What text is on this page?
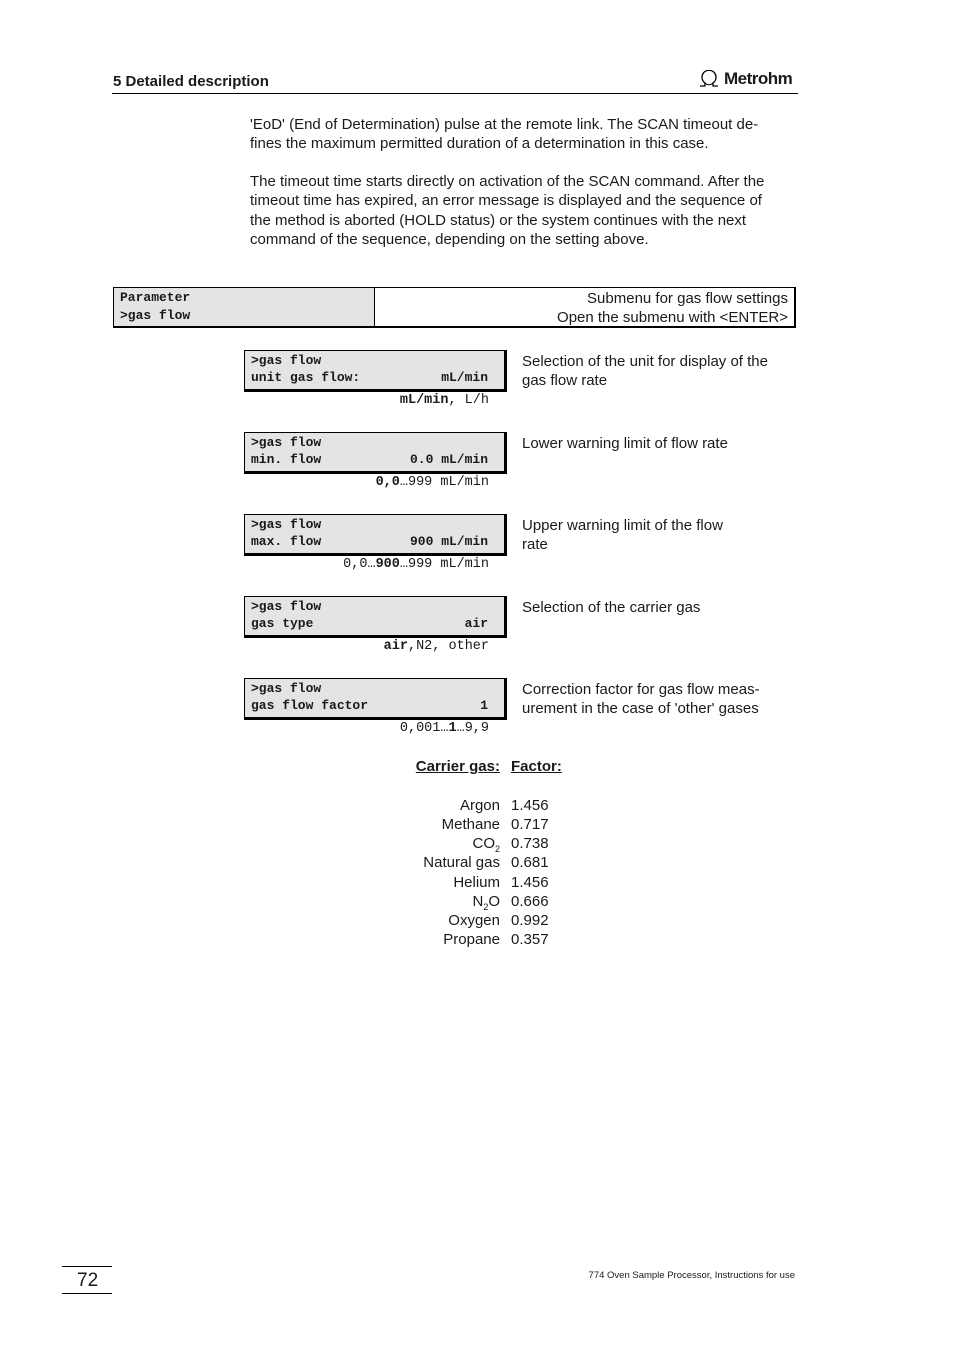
5 Detailed description	Metrohm
'EoD' (End of Determination) pulse at the remote link. The SCAN timeout de-
fines the maximum permitted duration of a determination in this case.
The timeout time starts directly on activation of the SCAN command. After the
timeout time has expired, an error message is displayed and the sequence of
the method is aborted (HOLD status) or the system continues with the next
command of the sequence, depending on the setting above.
Parameter
>gas flow
Submenu for gas flow settings
Open the submenu with <ENTER>
>gas flow
unit gas flow:	mL/min
mL/min, L/h
Selection of the unit for display of the
gas flow rate
>gas flow
min. flow	0.0 mL/min
0,0…999 mL/min
Lower warning limit of flow rate
>gas flow
max. flow	900 mL/min
0,0…900…999 mL/min
Upper warning limit of the flow
rate
>gas flow
gas type	air
air,N2, other
Selection of the carrier gas
>gas flow
gas flow factor	1
0,001…1…9,9
Correction factor for gas flow meas-
urement in the case of 'other' gases
Carrier gas: Factor:
Argon 1.456
Methane 0.717
$CO_2$ 0.738
Natural gas 0.681
Helium 1.456
$N_2O$ 0.666
Oxygen 0.992
Propane 0.357
72	774 Oven Sample Processor, Instructions for use
